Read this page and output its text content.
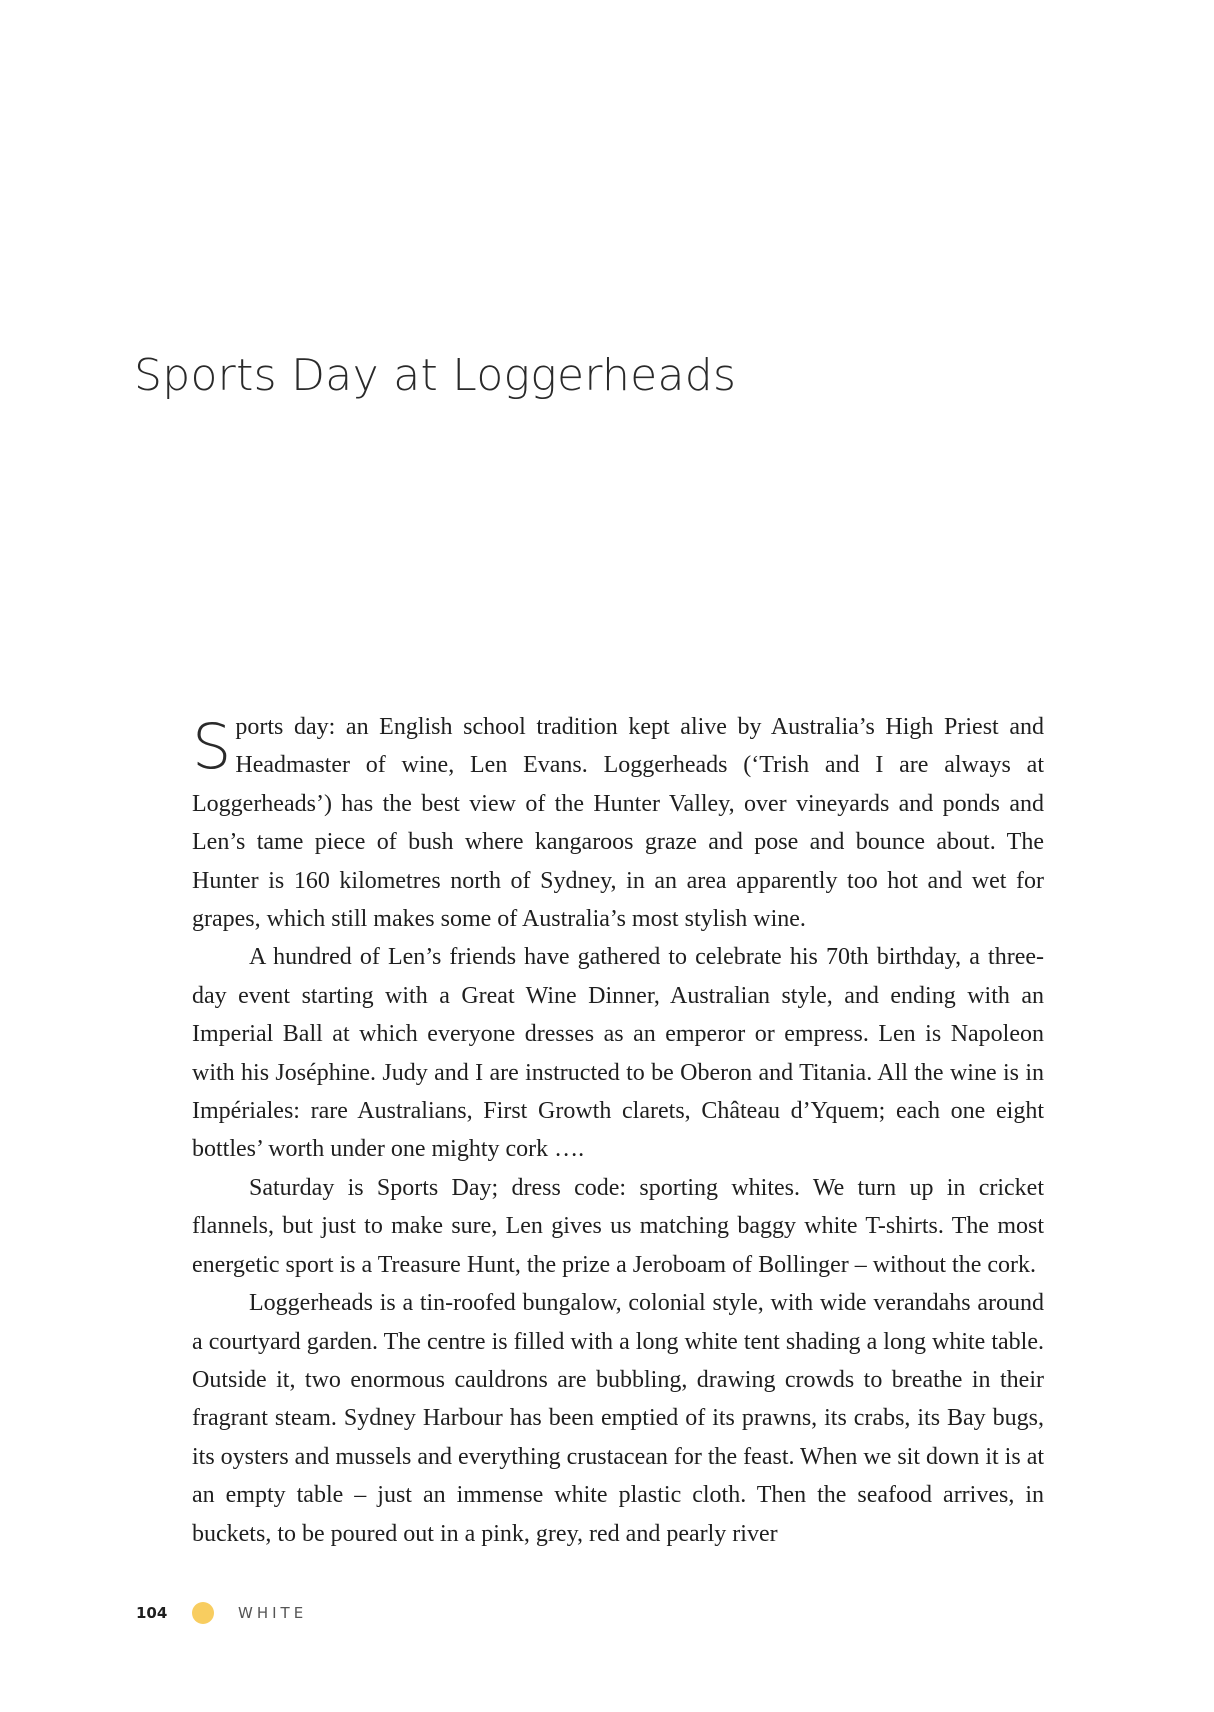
Sports Day at Loggerheads

Sports day: an English school tradition kept alive by Australia’s High Priest and Headmaster of wine, Len Evans. Loggerheads (‘Trish and I are always at Loggerheads’) has the best view of the Hunter Valley, over vineyards and ponds and Len’s tame piece of bush where kangaroos graze and pose and bounce about. The Hunter is 160 kilometres north of Sydney, in an area apparently too hot and wet for grapes, which still makes some of Australia’s most stylish wine.

A hundred of Len’s friends have gathered to celebrate his 70th birthday, a three-day event starting with a Great Wine Dinner, Australian style, and ending with an Imperial Ball at which everyone dresses as an emperor or empress. Len is Napoleon with his Joséphine. Judy and I are instructed to be Oberon and Titania. All the wine is in Impériales: rare Australians, First Growth clarets, Château d’Yquem; each one eight bottles’ worth under one mighty cork ….

Saturday is Sports Day; dress code: sporting whites. We turn up in cricket flannels, but just to make sure, Len gives us matching baggy white T-shirts. The most energetic sport is a Treasure Hunt, the prize a Jeroboam of Bollinger – without the cork.

Loggerheads is a tin-roofed bungalow, colonial style, with wide verandahs around a courtyard garden. The centre is filled with a long white tent shading a long white table. Outside it, two enormous cauldrons are bubbling, drawing crowds to breathe in their fragrant steam. Sydney Harbour has been emptied of its prawns, its crabs, its Bay bugs, its oysters and mussels and everything crustacean for the feast. When we sit down it is at an empty table – just an immense white plastic cloth. Then the seafood arrives, in buckets, to be poured out in a pink, grey, red and pearly river

104	WHITE
